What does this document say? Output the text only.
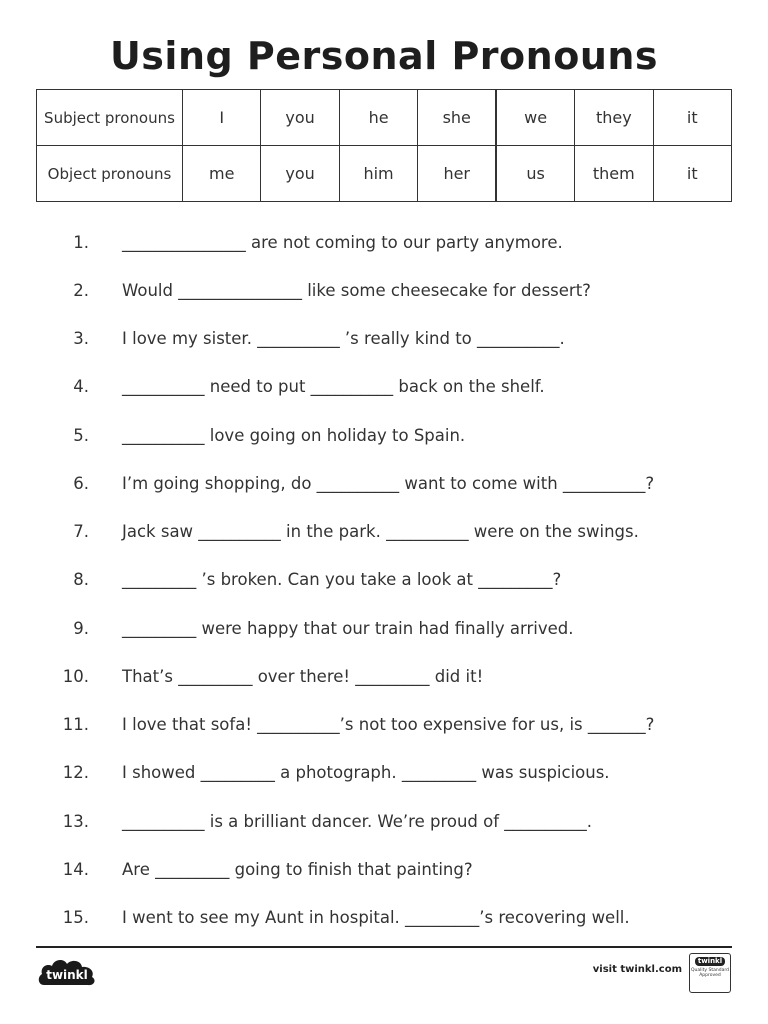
Using Personal Pronouns
Subject pronouns	I	you	he	she	we	they	it
Object pronouns	me	you	him	her	us	them	it
1. _______________ are not coming to our party anymore.
2. Would _______________ like some cheesecake for dessert?
3. I love my sister. __________ ’s really kind to __________.
4. __________ need to put __________ back on the shelf.
5. __________ love going on holiday to Spain.
6. I’m going shopping, do __________ want to come with __________?
7. Jack saw __________ in the park. __________ were on the swings.
8. _________ ’s broken. Can you take a look at _________?
9. _________ were happy that our train had finally arrived.
10. That’s _________ over there! _________ did it!
11. I love that sofa! __________’s not too expensive for us, is _______?
12. I showed _________ a photograph. _________ was suspicious.
13. __________ is a brilliant dancer. We’re proud of __________.
14. Are _________ going to finish that painting?
15. I went to see my Aunt in hospital. _________’s recovering well.
twinkl	visit twinkl.com
twinkl
Quality Standard
Approved
